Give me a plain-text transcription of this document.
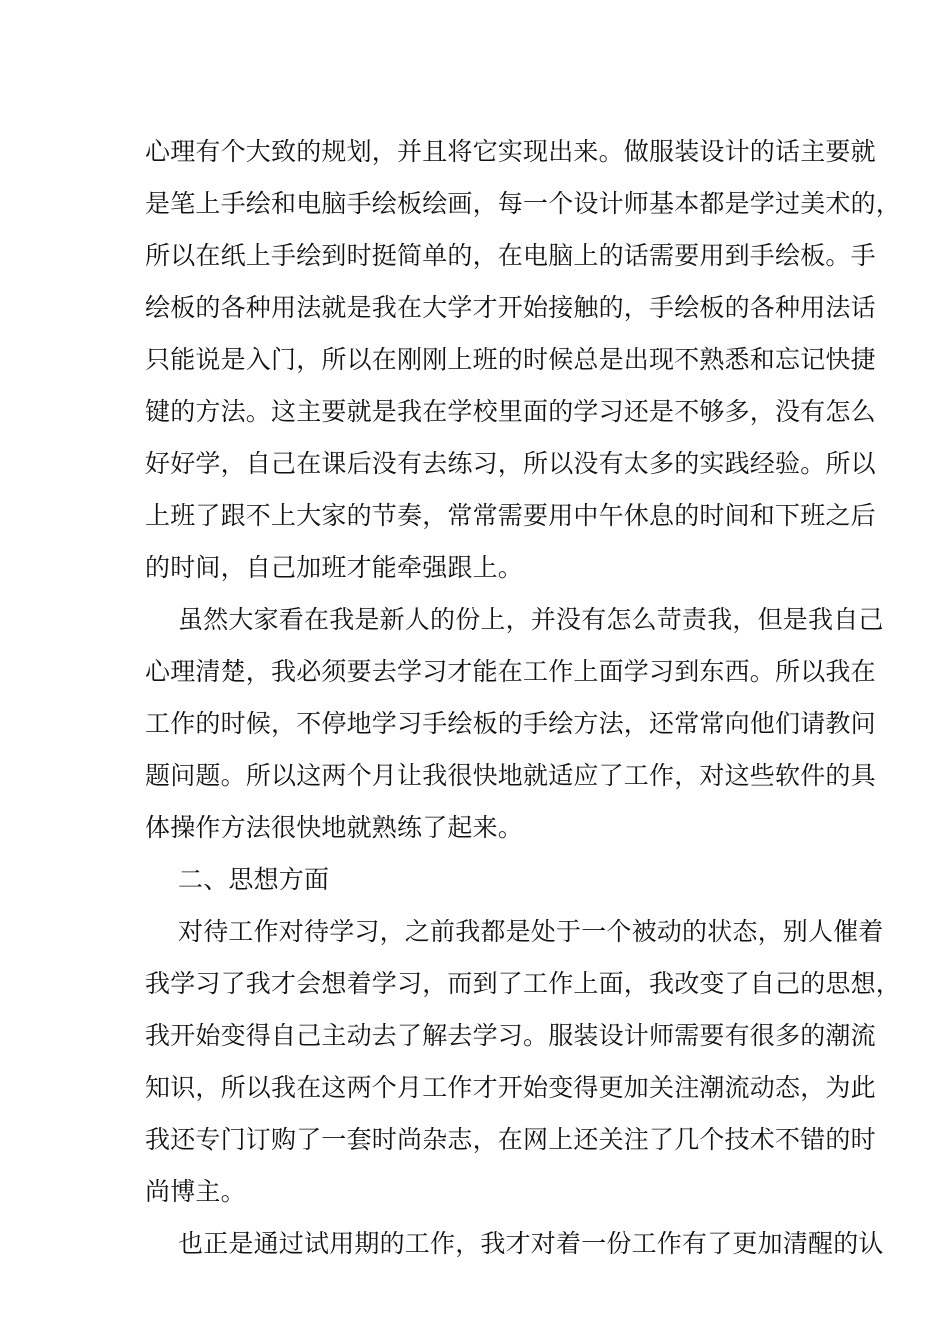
心理有个大致的规划，并且将它实现出来。做服装设计的话主要就
是笔上手绘和电脑手绘板绘画，每一个设计师基本都是学过美术的，
所以在纸上手绘到时挺简单的，在电脑上的话需要用到手绘板。手
绘板的各种用法就是我在大学才开始接触的，手绘板的各种用法话
只能说是入门，所以在刚刚上班的时候总是出现不熟悉和忘记快捷
键的方法。这主要就是我在学校里面的学习还是不够多，没有怎么
好好学，自己在课后没有去练习，所以没有太多的实践经验。所以
上班了跟不上大家的节奏，常常需要用中午休息的时间和下班之后
的时间，自己加班才能牵强跟上。
虽然大家看在我是新人的份上，并没有怎么苛责我，但是我自己
心理清楚，我必须要去学习才能在工作上面学习到东西。所以我在
工作的时候，不停地学习手绘板的手绘方法，还常常向他们请教问
题问题。所以这两个月让我很快地就适应了工作，对这些软件的具
体操作方法很快地就熟练了起来。
二、思想方面
对待工作对待学习，之前我都是处于一个被动的状态，别人催着
我学习了我才会想着学习，而到了工作上面，我改变了自己的思想，
我开始变得自己主动去了解去学习。服装设计师需要有很多的潮流
知识，所以我在这两个月工作才开始变得更加关注潮流动态，为此
我还专门订购了一套时尚杂志，在网上还关注了几个技术不错的时
尚博主。
也正是通过试用期的工作，我才对着一份工作有了更加清醒的认
